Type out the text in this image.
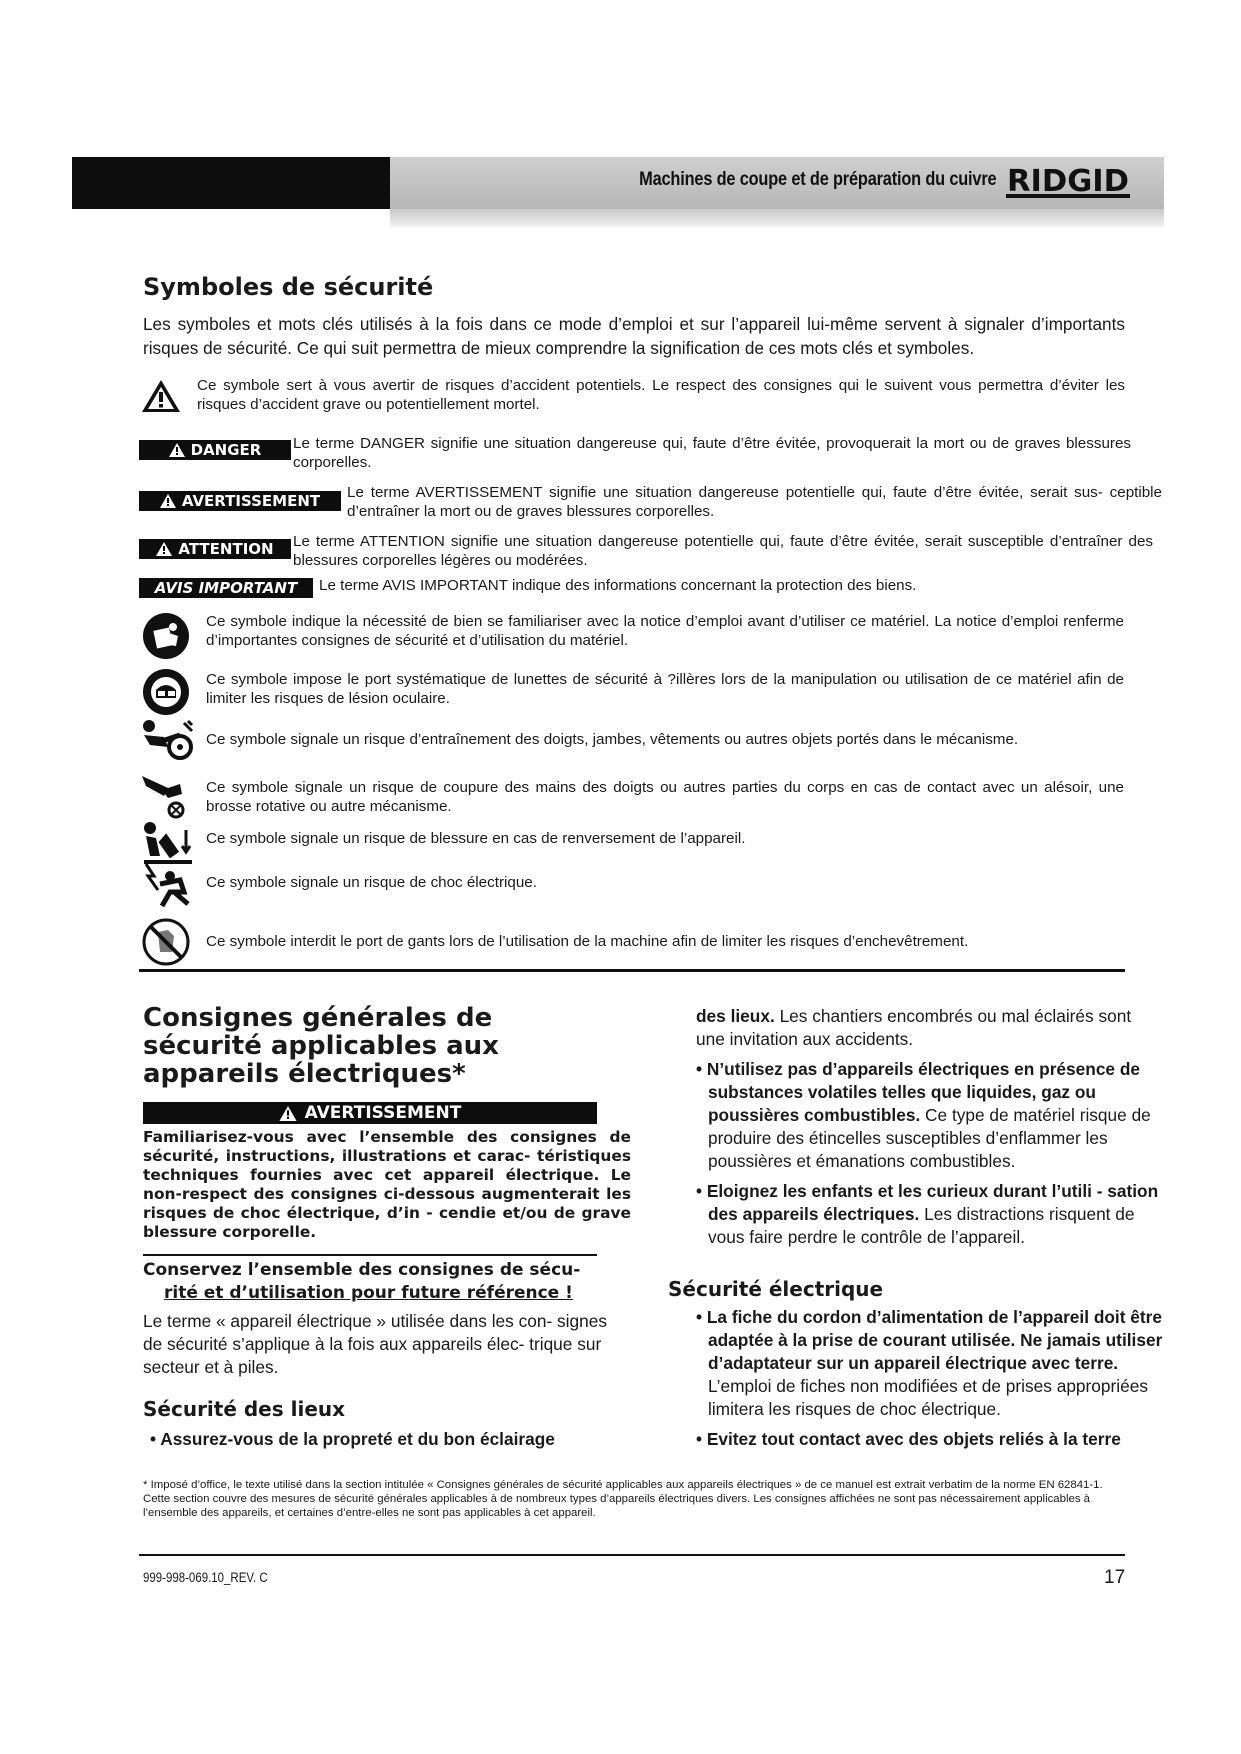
Machines de coupe et de préparation du cuivre RIDGID
Symboles de sécurité

Les symboles et mots clés utilisés à la fois dans ce mode d’emploi et sur l’appareil lui-même servent à signaler d’importants risques de sécurité. Ce qui suit permettra de mieux comprendre la signification de ces mots clés et symboles.

Ce symbole sert à vous avertir de risques d’accident potentiels. Le respect des consignes qui le suivent vous permettra d’éviter les risques d’accident grave ou potentiellement mortel.

DANGER Le terme DANGER signifie une situation dangereuse qui, faute d’être évitée, provoquerait la mort ou de graves blessures corporelles.

AVERTISSEMENT Le terme AVERTISSEMENT signifie une situation dangereuse potentielle qui, faute d’être évitée, serait sus- ceptible d’entraîner la mort ou de graves blessures corporelles.

ATTENTION Le terme ATTENTION signifie une situation dangereuse potentielle qui, faute d’être évitée, serait susceptible d’entraîner des blessures corporelles légères ou modérées.

AVIS IMPORTANT	Le terme AVIS IMPORTANT indique des informations concernant la protection des biens.

Ce symbole indique la nécessité de bien se familiariser avec la notice d’emploi avant d’utiliser ce matériel. La notice d’emploi renferme d’importantes consignes de sécurité et d’utilisation du matériel.

Ce symbole impose le port systématique de lunettes de sécurité à ?illères lors de la manipulation ou utilisation de ce matériel afin de limiter les risques de lésion oculaire.

Ce symbole signale un risque d’entraînement des doigts, jambes, vêtements ou autres objets portés dans le mécanisme.

Ce symbole signale un risque de coupure des mains des doigts ou autres parties du corps en cas de contact avec un alésoir, une brosse rotative ou autre mécanisme.

Ce symbole signale un risque de blessure en cas de renversement de l’appareil.

Ce symbole signale un risque de choc électrique.

Ce symbole interdit le port de gants lors de l’utilisation de la machine afin de limiter les risques d’enchevêtrement.

Consignes générales de sécurité applicables aux appareils électriques*
AVERTISSEMENT

Familiarisez-vous avec l’ensemble des consignes de sécurité, instructions, illustrations et carac- téristiques techniques fournies avec cet appareil électrique. Le non-respect des consignes ci-dessous augmenterait les risques de choc électrique, d’in - cendie et/ou de grave blessure corporelle.

Conservez l’ensemble des consignes de sécu-
rité et d’utilisation pour future référence !

Le terme « appareil électrique » utilisée dans les con- signes de sécurité s’applique à la fois aux appareils élec- trique sur secteur et à piles.

Sécurité des lieux
• Assurez-vous de la propreté et du bon éclairage

des lieux. Les chantiers encombrés ou mal éclairés sont une invitation aux accidents.

• N’utilisez pas d’appareils électriques en présence de substances volatiles telles que liquides, gaz ou poussières combustibles. Ce type de matériel risque de produire des étincelles susceptibles d’enflammer les poussières et émanations combustibles.

• Eloignez les enfants et les curieux durant l’utili - sation des appareils électriques. Les distractions risquent de vous faire perdre le contrôle de l’appareil.

Sécurité électrique

• La fiche du cordon d’alimentation de l’appareil doit être adaptée à la prise de courant utilisée. Ne jamais utiliser d’adaptateur sur un appareil électrique avec terre. L’emploi de fiches non modifiées et de prises appropriées limitera les risques de choc électrique.

• Evitez tout contact avec des objets reliés à la terre

* Imposé d’office, le texte utilisé dans la section intitulée « Consignes générales de sécurité applicables aux appareils électriques » de ce manuel est extrait verbatim de la norme EN 62841-1. Cette section couvre des mesures de sécurité générales applicables à de nombreux types d’appareils électriques divers. Les consignes affichées ne sont pas nécessairement applicables à l’ensemble des appareils, et certaines d’entre-elles ne sont pas applicables à cet appareil.

999-998-069.10_REV. C	17
